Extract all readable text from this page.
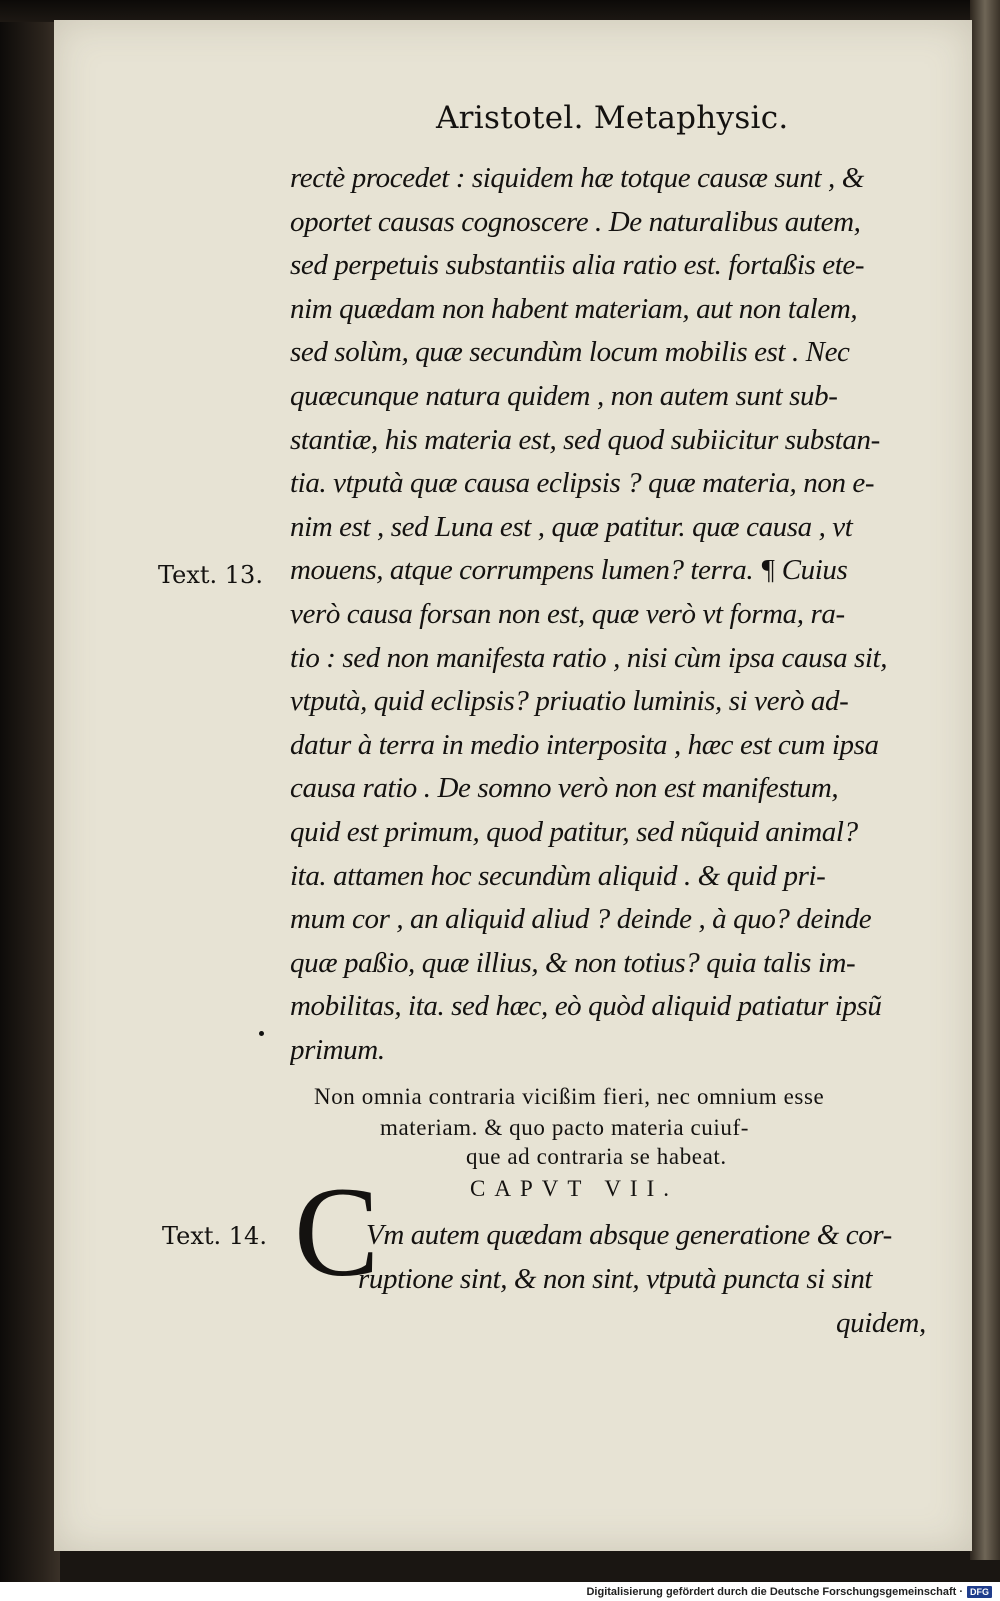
Aristotel. Metaphysic.
rectè procedet : siquidem hæ totque causæ sunt , &
oportet causas cognoscere . De naturalibus autem,
sed perpetuis substantiis alia ratio est. fortaßis ete-
nim quædam non habent materiam, aut non talem,
sed solùm, quæ secundùm locum mobilis est . Nec
quæcunque natura quidem , non autem sunt sub-
stantiæ, his materia est, sed quod subiicitur substan-
tia. vtputà quæ causa eclipsis ? quæ materia, non e-
nim est , sed Luna est , quæ patitur. quæ causa , vt
mouens, atque corrumpens lumen? terra. ¶ Cuius
verò causa forsan non est, quæ verò vt forma, ra-
tio : sed non manifesta ratio , nisi cùm ipsa causa sit,
vtputà, quid eclipsis? priuatio luminis, si verò ad-
datur à terra in medio interposita , hæc est cum ipsa
causa ratio . De somno verò non est manifestum,
quid est primum, quod patitur, sed nũquid animal?
ita. attamen hoc secundùm aliquid . & quid pri-
mum cor , an aliquid aliud ? deinde , à quo? deinde
quæ paßio, quæ illius, & non totius? quia talis im-
mobilitas, ita. sed hæc, eò quòd aliquid patiatur ipsũ
primum.
Text. 13.
Non omnia contraria vicißim fieri, nec omnium esse
materiam. & quo pacto materia cuiuf-
que ad contraria se habeat.
CAPVT VII.
Text. 14. C
Vm autem quædam absque generatione & cor-
ruptione sint, & non sint, vtputà puncta si sint
quidem,
Digitalisierung gefördert durch die Deutsche Forschungsgemeinschaft · DFG
